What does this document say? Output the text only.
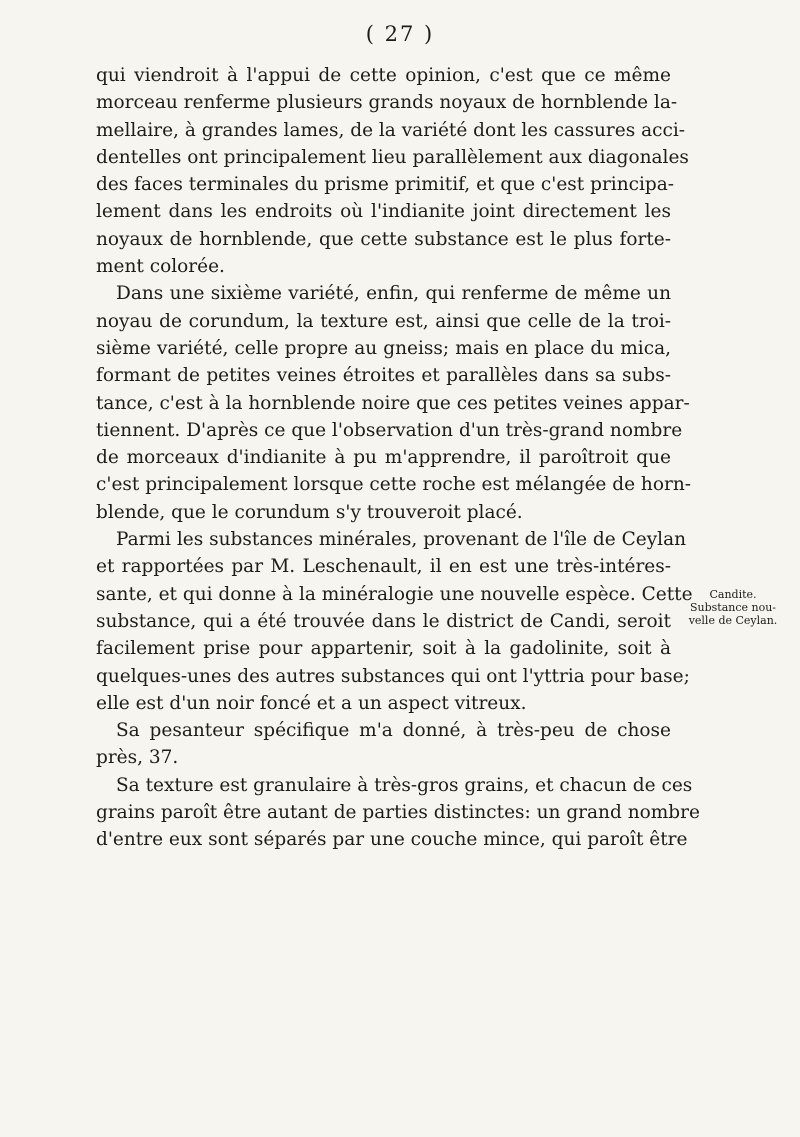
( 27 )
qui viendroit à l'appui de cette opinion, c'est que ce même
morceau renferme plusieurs grands noyaux de hornblende la-
mellaire, à grandes lames, de la variété dont les cassures acci-
dentelles ont principalement lieu parallèlement aux diagonales
des faces terminales du prisme primitif, et que c'est principa-
lement dans les endroits où l'indianite joint directement les
noyaux de hornblende, que cette substance est le plus forte-
ment colorée.
Dans une sixième variété, enfin, qui renferme de même un
noyau de corundum, la texture est, ainsi que celle de la troi-
sième variété, celle propre au gneiss; mais en place du mica,
formant de petites veines étroites et parallèles dans sa subs-
tance, c'est à la hornblende noire que ces petites veines appar-
tiennent. D'après ce que l'observation d'un très-grand nombre
de morceaux d'indianite à pu m'apprendre, il paroîtroit que
c'est principalement lorsque cette roche est mélangée de horn-
blende, que le corundum s'y trouveroit placé.
Parmi les substances minérales, provenant de l'île de Ceylan
et rapportées par M. Leschenault, il en est une très-intéres-
sante, et qui donne à la minéralogie une nouvelle espèce. Cette
substance, qui a été trouvée dans le district de Candi, seroit
facilement prise pour appartenir, soit à la gadolinite, soit à
quelques-unes des autres substances qui ont l'yttria pour base;
elle est d'un noir foncé et a un aspect vitreux.
Sa pesanteur spécifique m'a donné, à très-peu de chose
près, 37.
Sa texture est granulaire à très-gros grains, et chacun de ces
grains paroît être autant de parties distinctes: un grand nombre
d'entre eux sont séparés par une couche mince, qui paroît être
Candite.
Substance nou-
velle de Ceylan.
